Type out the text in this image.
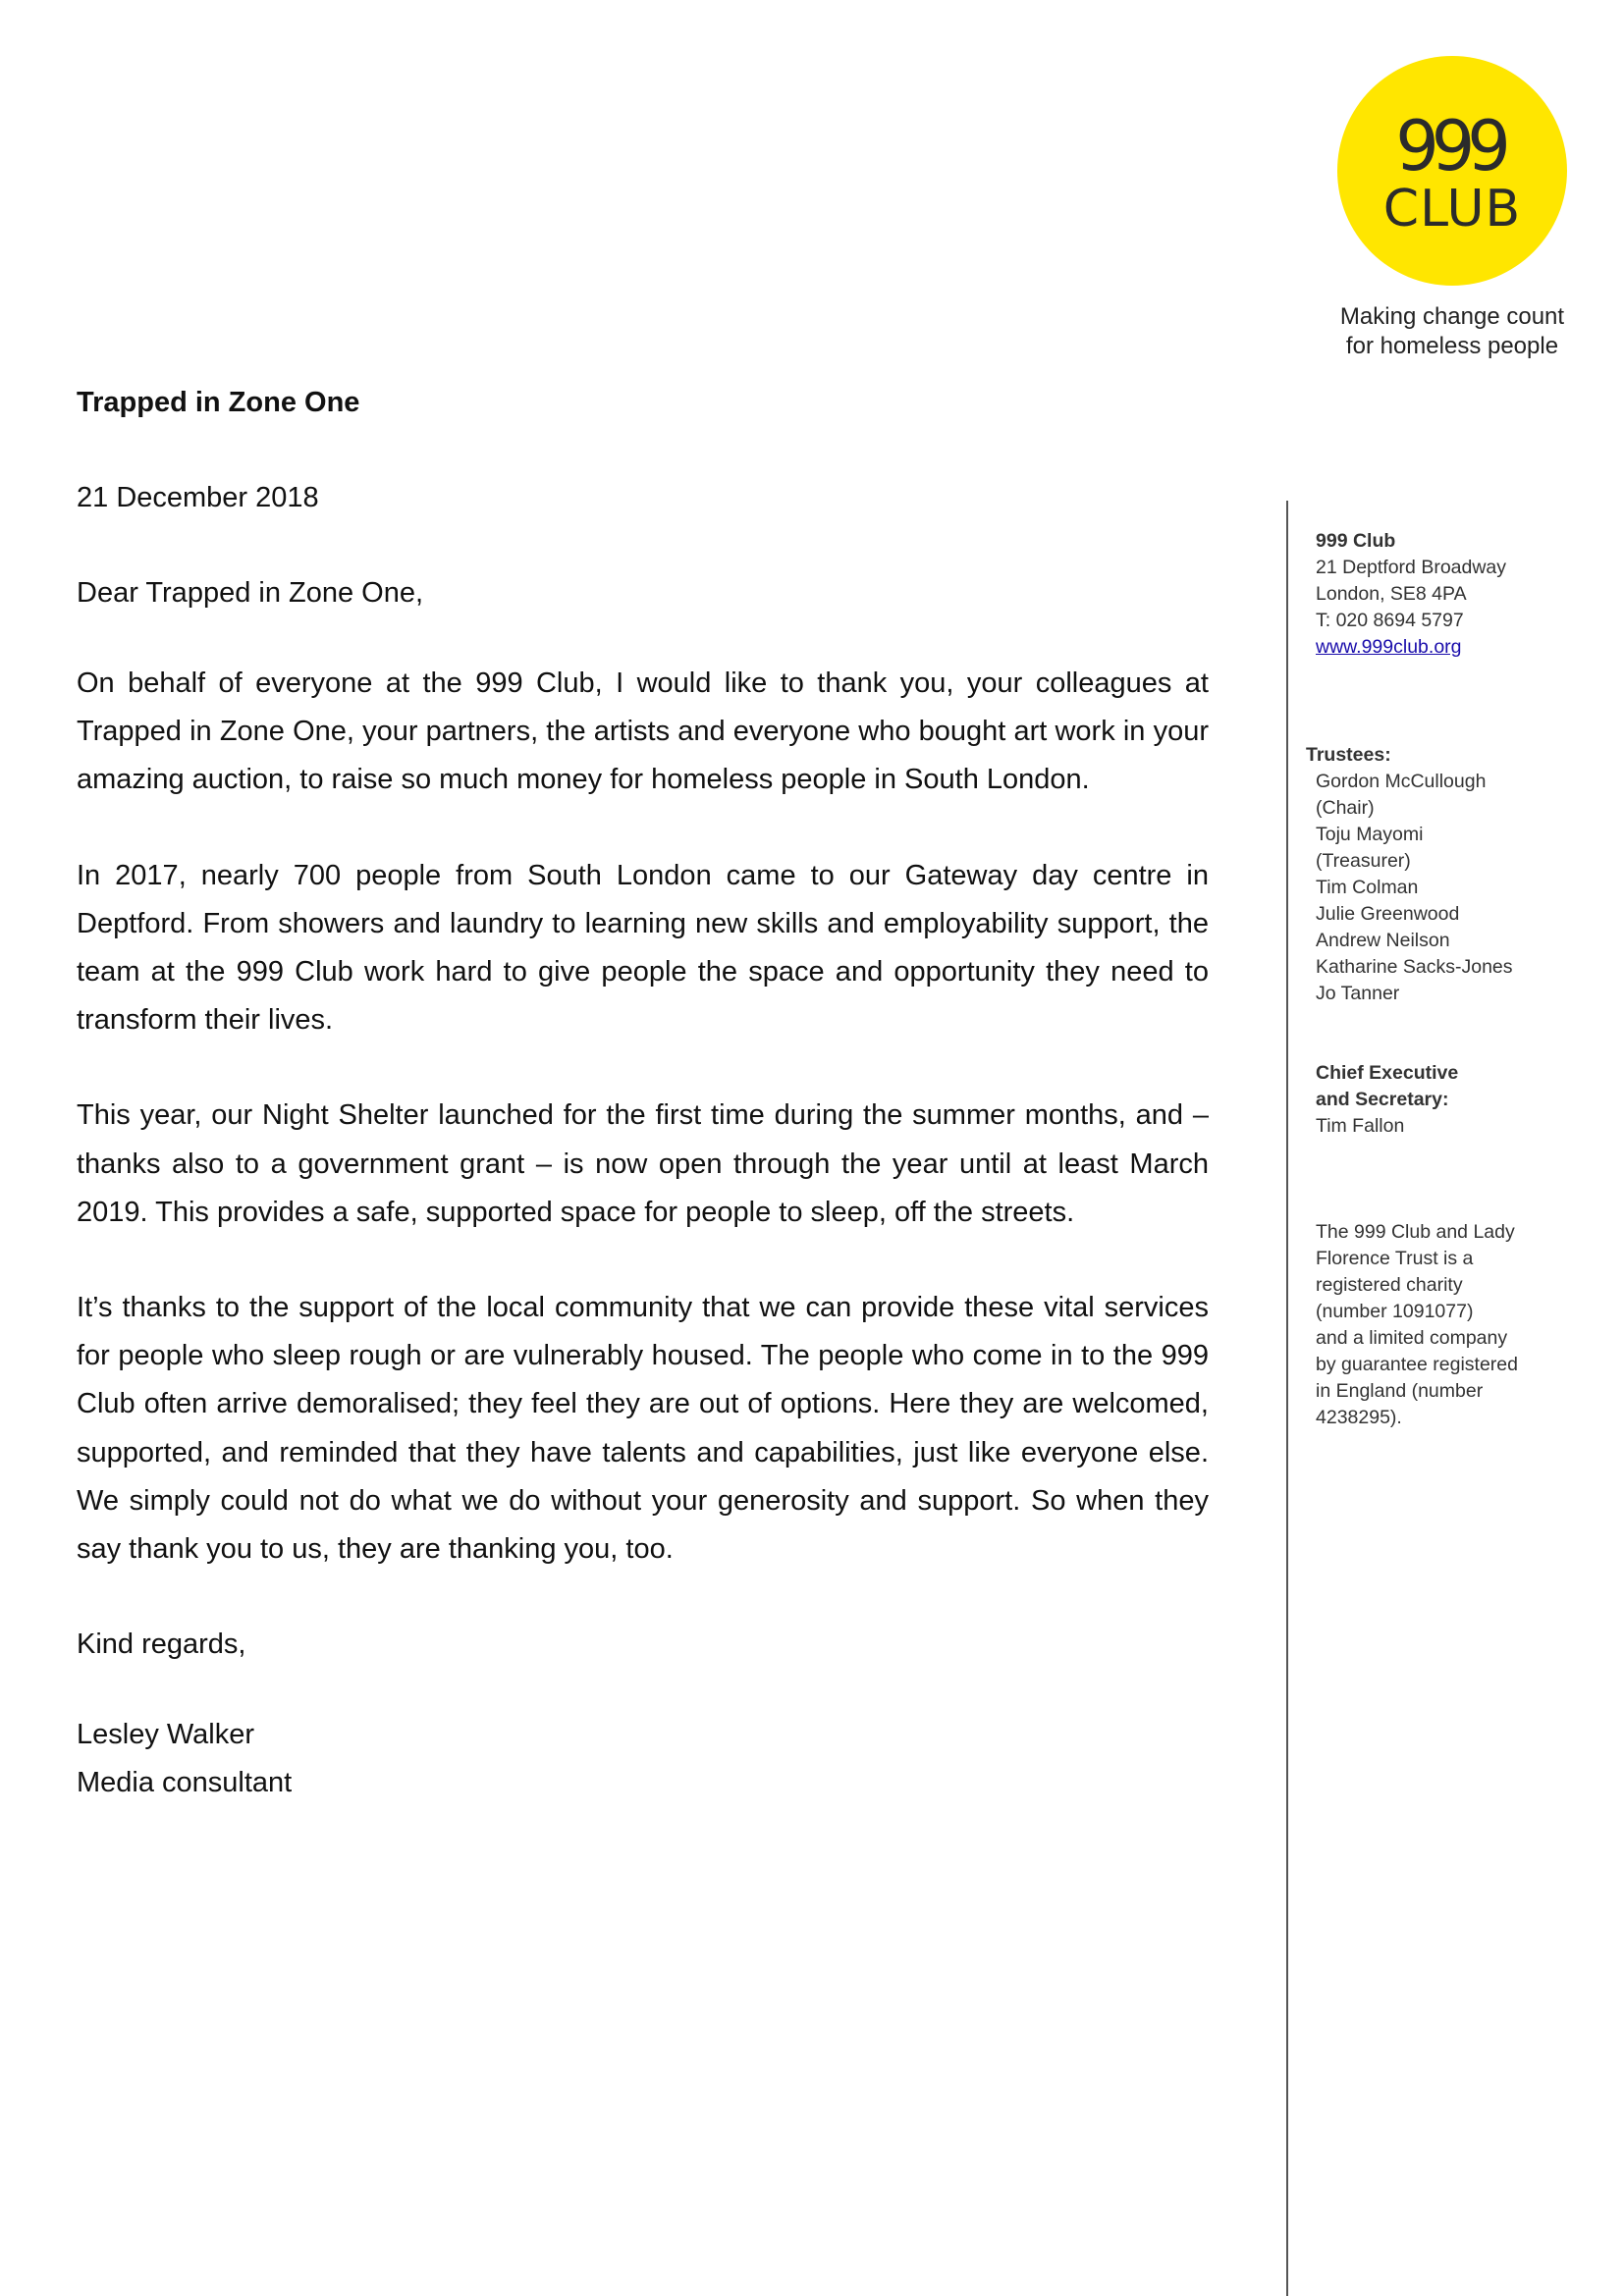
999
CLUB
Making change count
for homeless people
Trapped in Zone One
21 December 2018
Dear Trapped in Zone One,

On behalf of everyone at the 999 Club, I would like to thank you, your colleagues at Trapped in Zone One, your partners, the artists and everyone who bought art work in your amazing auction, to raise so much money for homeless people in South London.

In 2017, nearly 700 people from South London came to our Gateway day centre in Deptford. From showers and laundry to learning new skills and employability support, the team at the 999 Club work hard to give people the space and opportunity they need to transform their lives.

This year, our Night Shelter launched for the first time during the summer months, and – thanks also to a government grant – is now open through the year until at least March 2019. This provides a safe, supported space for people to sleep, off the streets.

It’s thanks to the support of the local community that we can provide these vital services for people who sleep rough or are vulnerably housed. The people who come in to the 999 Club often arrive demoralised; they feel they are out of options. Here they are welcomed, supported, and reminded that they have talents and capabilities, just like everyone else. We simply could not do what we do without your generosity and support. So when they say thank you to us, they are thanking you, too.

Kind regards,
Lesley Walker
Media consultant
999 Club
21 Deptford Broadway
London, SE8 4PA
T: 020 8694 5797
www.999club.org
Trustees:
Gordon McCullough
(Chair)
Toju Mayomi
(Treasurer)
Tim Colman
Julie Greenwood
Andrew Neilson
Katharine Sacks-Jones
Jo Tanner
Chief Executive
and Secretary:
Tim Fallon
The 999 Club and Lady
Florence Trust is a
registered charity
(number 1091077)
and a limited company
by guarantee registered
in England (number
4238295).
